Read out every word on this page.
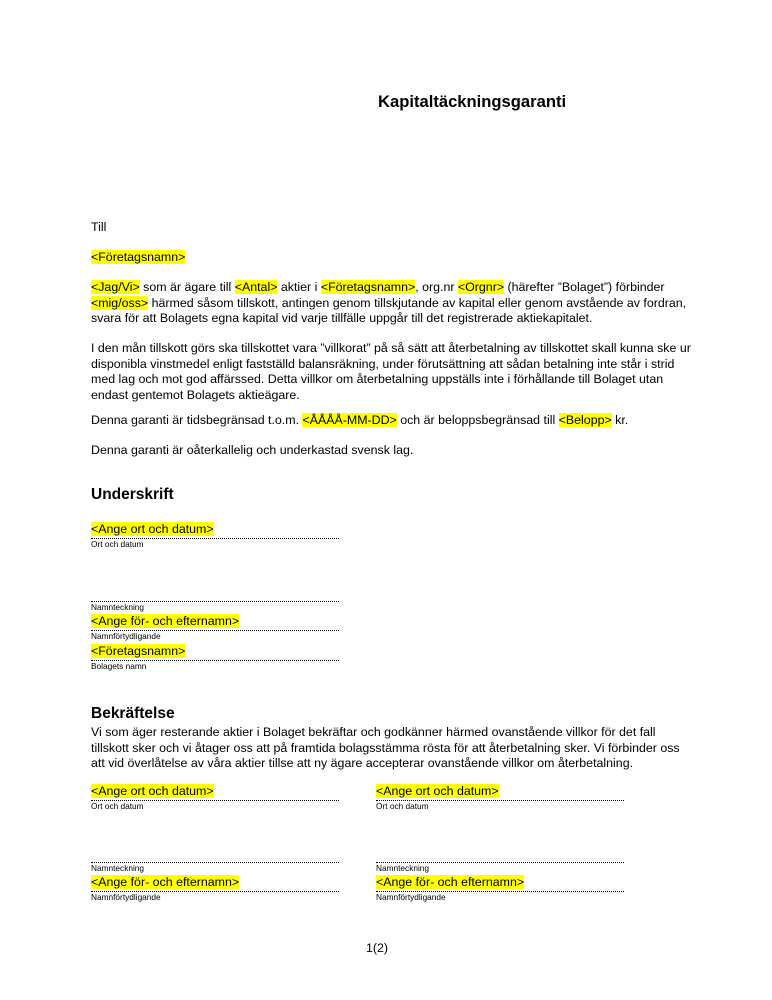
Kapitaltäckningsgaranti
Till
<Företagsnamn>
<Jag/Vi> som är ägare till <Antal> aktier i <Företagsnamn>, org.nr <Orgnr> (härefter ”Bolaget”) förbinder <mig/oss> härmed såsom tillskott, antingen genom tillskjutande av kapital eller genom avstående av fordran, svara för att Bolagets egna kapital vid varje tillfälle uppgår till det registrerade aktiekapitalet.
I den mån tillskott görs ska tillskottet vara ”villkorat” på så sätt att återbetalning av tillskottet skall kunna ske ur disponibla vinstmedel enligt fastställd balansräkning, under förutsättning att sådan betalning inte står i strid med lag och mot god affärssed. Detta villkor om återbetalning uppställs inte i förhållande till Bolaget utan endast gentemot Bolagets aktieägare.
Denna garanti är tidsbegränsad t.o.m. <ÅÅÅÅ-MM-DD> och är beloppsbegränsad till <Belopp> kr.
Denna garanti är oåterkallelig och underkastad svensk lag.
Underskrift
<Ange ort och datum>
Ort och datum
Namnteckning
<Ange för- och efternamn>
Namnförtydligande
<Företagsnamn>
Bolagets namn
Bekräftelse
Vi som äger resterande aktier i Bolaget bekräftar och godkänner härmed ovanstående villkor för det fall tillskott sker och vi åtager oss att på framtida bolagsstämma rösta för att återbetalning sker. Vi förbinder oss att vid överlåtelse av våra aktier tillse att ny ägare accepterar ovanstående villkor om återbetalning.
<Ange ort och datum>
Ort och datum
<Ange ort och datum>
Ort och datum
Namnteckning	Namnteckning
<Ange för- och efternamn>
Namnförtydligande
<Ange för- och efternamn>
Namnförtydligande
1(2)
